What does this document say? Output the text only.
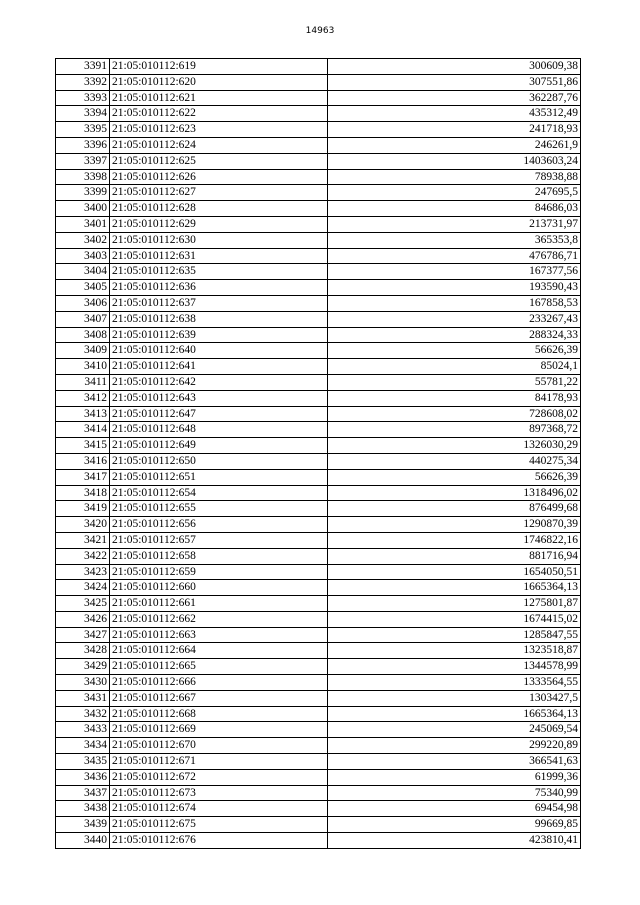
14963
3391	21:05:010112:619	300609,38
3392	21:05:010112:620	307551,86
3393	21:05:010112:621	362287,76
3394	21:05:010112:622	435312,49
3395	21:05:010112:623	241718,93
3396	21:05:010112:624	246261,9
3397	21:05:010112:625	1403603,24
3398	21:05:010112:626	78938,88
3399	21:05:010112:627	247695,5
3400	21:05:010112:628	84686,03
3401	21:05:010112:629	213731,97
3402	21:05:010112:630	365353,8
3403	21:05:010112:631	476786,71
3404	21:05:010112:635	167377,56
3405	21:05:010112:636	193590,43
3406	21:05:010112:637	167858,53
3407	21:05:010112:638	233267,43
3408	21:05:010112:639	288324,33
3409	21:05:010112:640	56626,39
3410	21:05:010112:641	85024,1
3411	21:05:010112:642	55781,22
3412	21:05:010112:643	84178,93
3413	21:05:010112:647	728608,02
3414	21:05:010112:648	897368,72
3415	21:05:010112:649	1326030,29
3416	21:05:010112:650	440275,34
3417	21:05:010112:651	56626,39
3418	21:05:010112:654	1318496,02
3419	21:05:010112:655	876499,68
3420	21:05:010112:656	1290870,39
3421	21:05:010112:657	1746822,16
3422	21:05:010112:658	881716,94
3423	21:05:010112:659	1654050,51
3424	21:05:010112:660	1665364,13
3425	21:05:010112:661	1275801,87
3426	21:05:010112:662	1674415,02
3427	21:05:010112:663	1285847,55
3428	21:05:010112:664	1323518,87
3429	21:05:010112:665	1344578,99
3430	21:05:010112:666	1333564,55
3431	21:05:010112:667	1303427,5
3432	21:05:010112:668	1665364,13
3433	21:05:010112:669	245069,54
3434	21:05:010112:670	299220,89
3435	21:05:010112:671	366541,63
3436	21:05:010112:672	61999,36
3437	21:05:010112:673	75340,99
3438	21:05:010112:674	69454,98
3439	21:05:010112:675	99669,85
3440	21:05:010112:676	423810,41
